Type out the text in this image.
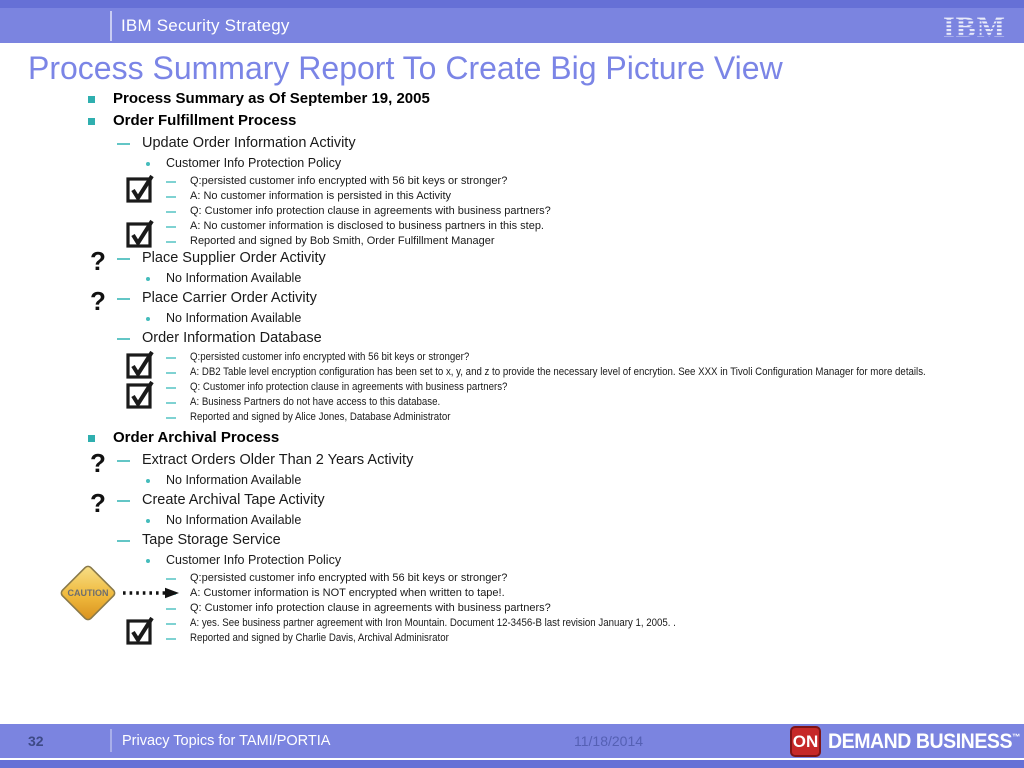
IBM Security Strategy	IBM
Process Summary Report To Create Big Picture View
Process Summary as Of September 19, 2005
Order Fulfillment Process
Update Order Information Activity
Customer Info Protection Policy
Q:persisted customer info encrypted with 56 bit keys or stronger?
A: No customer information is persisted in this Activity
Q: Customer info protection clause in agreements with business partners?
A: No customer information is disclosed to business partners in this step.
Reported and signed by Bob Smith, Order Fulfillment Manager
? Place Supplier Order Activity
No Information Available
? Place Carrier Order Activity
No Information Available
Order Information Database
Q:persisted customer info encrypted with 56 bit keys or stronger?
A: DB2 Table level encryption configuration has been set to x, y, and z to provide the necessary level of encrytion. See XXX in Tivoli Configuration Manager for more details.
Q: Customer info protection clause in agreements with business partners?
A: Business Partners do not have access to this database.
Reported and signed by Alice Jones, Database Administrator
Order Archival Process
? Extract Orders Older Than 2 Years Activity
No Information Available
? Create Archival Tape Activity
No Information Available
Tape Storage Service
Customer Info Protection Policy
Q:persisted customer info encrypted with 56 bit keys or stronger?
CAUTION	A: Customer information is NOT encrypted when written to tape!.
Q: Customer info protection clause in agreements with business partners?
A: yes. See business partner agreement with Iron Mountain. Document 12-3456-B last revision January 1, 2005. .
Reported and signed by Charlie Davis, Archival Adminisrator
32	Privacy Topics for TAMI/PORTIA	11/18/2014	ON DEMAND BUSINESS™
